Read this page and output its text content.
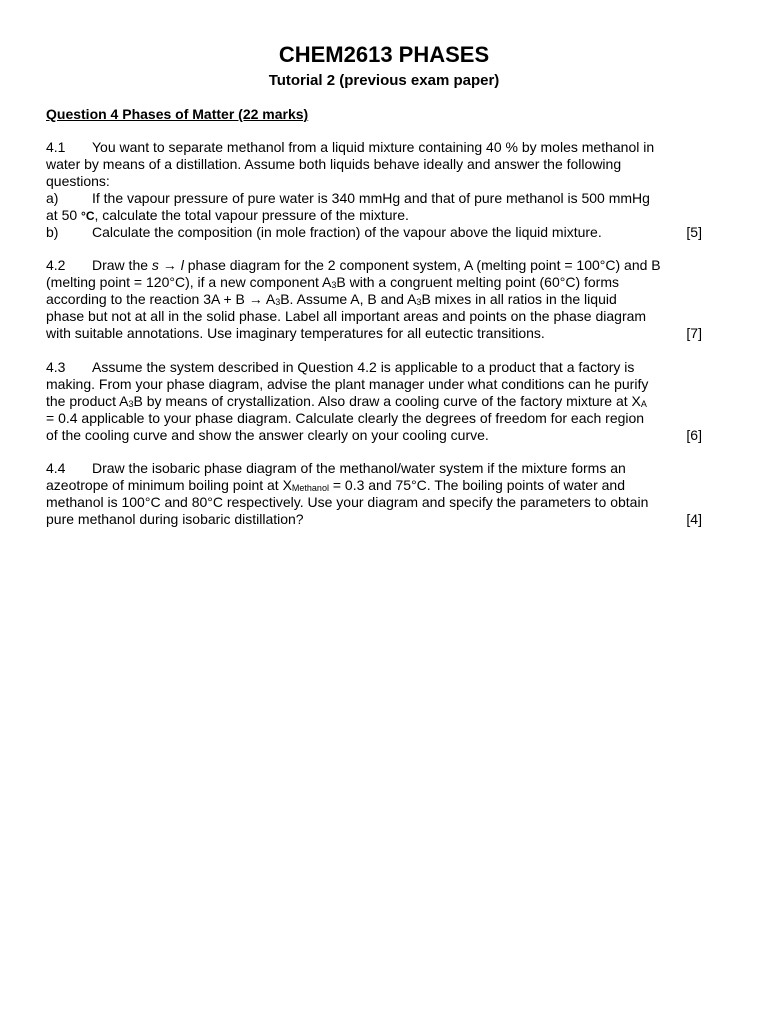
CHEM2613 PHASES
Tutorial 2 (previous exam paper)
Question 4 Phases of Matter (22 marks)
4.1 You want to separate methanol from a liquid mixture containing 40 % by moles methanol in
water by means of a distillation. Assume both liquids behave ideally and answer the following
questions:
a) If the vapour pressure of pure water is 340 mmHg and that of pure methanol is 500 mmHg
at 50 °C, calculate the total vapour pressure of the mixture.
b) Calculate the composition (in mole fraction) of the vapour above the liquid mixture.	[5]
4.2 Draw the s → l phase diagram for the 2 component system, A (melting point = 100°C) and B
(melting point = 120°C), if a new component A3B with a congruent melting point (60°C) forms
according to the reaction 3A + B → A3B. Assume A, B and A3B mixes in all ratios in the liquid
phase but not at all in the solid phase. Label all important areas and points on the phase diagram
with suitable annotations. Use imaginary temperatures for all eutectic transitions.	[7]
4.3 Assume the system described in Question 4.2 is applicable to a product that a factory is
making. From your phase diagram, advise the plant manager under what conditions can he purify
the product A3B by means of crystallization. Also draw a cooling curve of the factory mixture at XA
= 0.4 applicable to your phase diagram. Calculate clearly the degrees of freedom for each region
of the cooling curve and show the answer clearly on your cooling curve.	[6]
4.4 Draw the isobaric phase diagram of the methanol/water system if the mixture forms an
azeotrope of minimum boiling point at XMethanol = 0.3 and 75°C. The boiling points of water and
methanol is 100°C and 80°C respectively. Use your diagram and specify the parameters to obtain
pure methanol during isobaric distillation?	[4]
